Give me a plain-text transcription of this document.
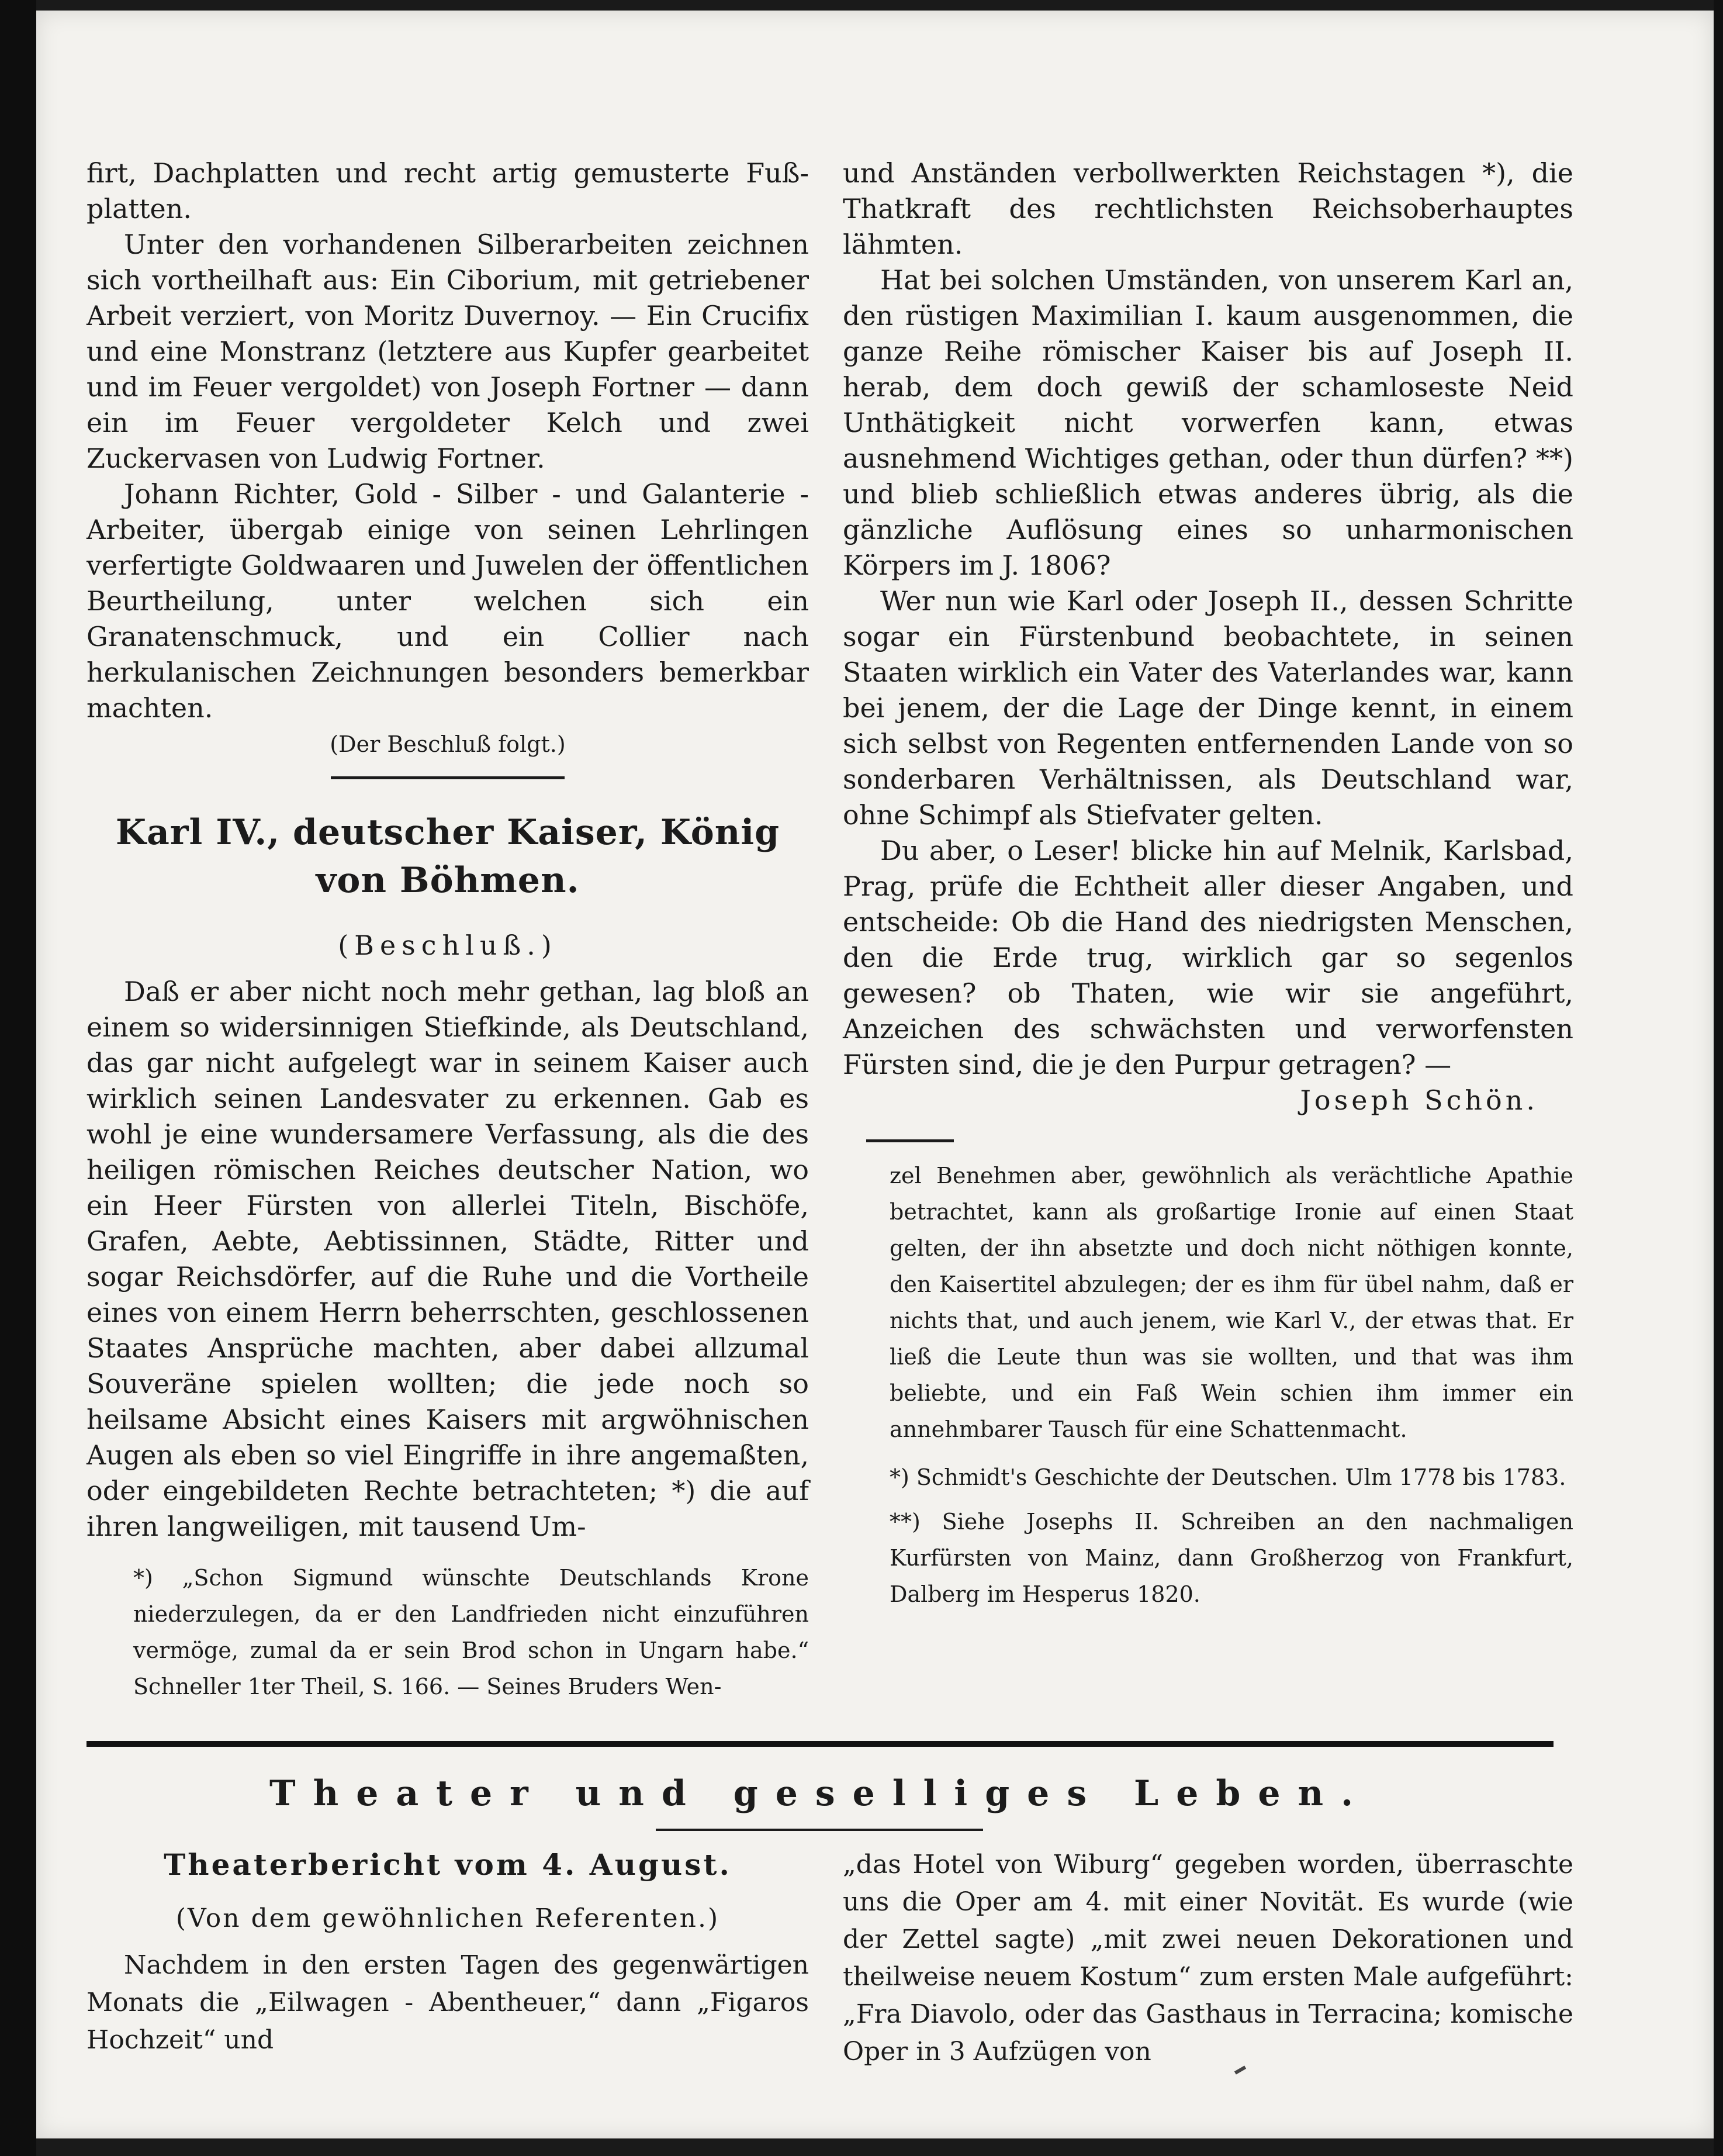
firt, Dachplatten und recht artig gemusterte Fuß-platten.

Unter den vorhandenen Silberarbeiten zeichnen sich vortheilhaft aus: Ein Ciborium, mit getriebener Arbeit verziert, von Moritz Duvernoy. — Ein Crucifix und eine Monstranz (letztere aus Kupfer gearbeitet und im Feuer vergoldet) von Joseph Fortner — dann ein im Feuer vergoldeter Kelch und zwei Zuckervasen von Ludwig Fortner.

Johann Richter, Gold - Silber - und Galanterie - Arbeiter, übergab einige von seinen Lehrlingen verfertigte Goldwaaren und Juwelen der öffentlichen Beurtheilung, unter welchen sich ein Granatenschmuck, und ein Collier nach herkulanischen Zeichnungen besonders bemerkbar machten.

(Der Beschluß folgt.)

Karl IV., deutscher Kaiser, König von Böhmen.
(Beschluß.)

Daß er aber nicht noch mehr gethan, lag bloß an einem so widersinnigen Stiefkinde, als Deutschland, das gar nicht aufgelegt war in seinem Kaiser auch wirklich seinen Landesvater zu erkennen. Gab es wohl je eine wundersamere Verfassung, als die des heiligen römischen Reiches deutscher Nation, wo ein Heer Fürsten von allerlei Titeln, Bischöfe, Grafen, Aebte, Aebtissinnen, Städte, Ritter und sogar Reichsdörfer, auf die Ruhe und die Vortheile eines von einem Herrn beherrschten, geschlossenen Staates Ansprüche machten, aber dabei allzumal Souveräne spielen wollten; die jede noch so heilsame Absicht eines Kaisers mit argwöhnischen Augen als eben so viel Eingriffe in ihre angemaßten, oder eingebildeten Rechte betrachteten; *) die auf ihren langweiligen, mit tausend Um-

*) „Schon Sigmund wünschte Deutschlands Krone niederzulegen, da er den Landfrieden nicht einzuführen vermöge, zumal da er sein Brod schon in Ungarn habe.“ Schneller 1ter Theil, S. 166. — Seines Bruders Wen-

und Anständen verbollwerkten Reichstagen *), die Thatkraft des rechtlichsten Reichsoberhauptes lähmten.

Hat bei solchen Umständen, von unserem Karl an, den rüstigen Maximilian I. kaum ausgenommen, die ganze Reihe römischer Kaiser bis auf Joseph II. herab, dem doch gewiß der schamloseste Neid Unthätigkeit nicht vorwerfen kann, etwas ausnehmend Wichtiges gethan, oder thun dürfen? **) und blieb schließlich etwas anderes übrig, als die gänzliche Auflösung eines so unharmonischen Körpers im J. 1806?

Wer nun wie Karl oder Joseph II., dessen Schritte sogar ein Fürstenbund beobachtete, in seinen Staaten wirklich ein Vater des Vaterlandes war, kann bei jenem, der die Lage der Dinge kennt, in einem sich selbst von Regenten entfernenden Lande von so sonderbaren Verhältnissen, als Deutschland war, ohne Schimpf als Stiefvater gelten.

Du aber, o Leser! blicke hin auf Melnik, Karlsbad, Prag, prüfe die Echtheit aller dieser Angaben, und entscheide: Ob die Hand des niedrigsten Menschen, den die Erde trug, wirklich gar so segenlos gewesen? ob Thaten, wie wir sie angeführt, Anzeichen des schwächsten und verworfensten Fürsten sind, die je den Purpur getragen? —

Joseph Schön.

zel Benehmen aber, gewöhnlich als verächtliche Apathie betrachtet, kann als großartige Ironie auf einen Staat gelten, der ihn absetzte und doch nicht nöthigen konnte, den Kaisertitel abzulegen; der es ihm für übel nahm, daß er nichts that, und auch jenem, wie Karl V., der etwas that. Er ließ die Leute thun was sie wollten, und that was ihm beliebte, und ein Faß Wein schien ihm immer ein annehmbarer Tausch für eine Schattenmacht.

*) Schmidt's Geschichte der Deutschen. Ulm 1778 bis 1783.

**) Siehe Josephs II. Schreiben an den nachmaligen Kurfürsten von Mainz, dann Großherzog von Frankfurt, Dalberg im Hesperus 1820.

Theater und geselliges Leben.
Theaterbericht vom 4. August.
(Von dem gewöhnlichen Referenten.)

Nachdem in den ersten Tagen des gegenwärtigen Monats die „Eilwagen - Abentheuer,“ dann „Figaros Hochzeit“ und

„das Hotel von Wiburg“ gegeben worden, überraschte uns die Oper am 4. mit einer Novität. Es wurde (wie der Zettel sagte) „mit zwei neuen Dekorationen und theilweise neuem Kostum“ zum ersten Male aufgeführt: „Fra Diavolo, oder das Gasthaus in Terracina; komische Oper in 3 Aufzügen von
